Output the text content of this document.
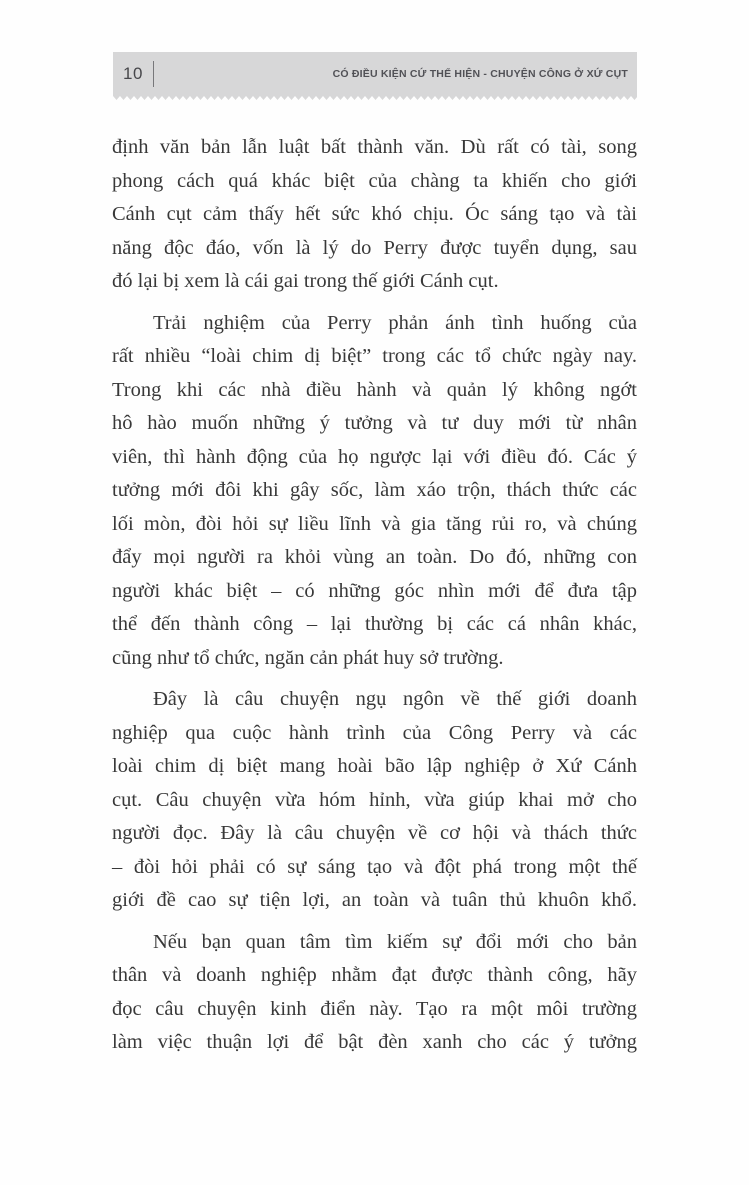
10	CÓ ĐIỀU KIỆN CỨ THỂ HIỆN - CHUYỆN CÔNG Ở XỨ CỤT
định văn bản lẫn luật bất thành văn. Dù rất có tài, song
phong cách quá khác biệt của chàng ta khiến cho giới
Cánh cụt cảm thấy hết sức khó chịu. Óc sáng tạo và tài
năng độc đáo, vốn là lý do Perry được tuyển dụng, sau
đó lại bị xem là cái gai trong thế giới Cánh cụt.
Trải nghiệm của Perry phản ánh tình huống của
rất nhiều “loài chim dị biệt” trong các tổ chức ngày nay.
Trong khi các nhà điều hành và quản lý không ngớt
hô hào muốn những ý tưởng và tư duy mới từ nhân
viên, thì hành động của họ ngược lại với điều đó. Các ý
tưởng mới đôi khi gây sốc, làm xáo trộn, thách thức các
lối mòn, đòi hỏi sự liều lĩnh và gia tăng rủi ro, và chúng
đẩy mọi người ra khỏi vùng an toàn. Do đó, những con
người khác biệt – có những góc nhìn mới để đưa tập
thể đến thành công – lại thường bị các cá nhân khác,
cũng như tổ chức, ngăn cản phát huy sở trường.
Đây là câu chuyện ngụ ngôn về thế giới doanh
nghiệp qua cuộc hành trình của Công Perry và các
loài chim dị biệt mang hoài bão lập nghiệp ở Xứ Cánh
cụt. Câu chuyện vừa hóm hỉnh, vừa giúp khai mở cho
người đọc. Đây là câu chuyện về cơ hội và thách thức
– đòi hỏi phải có sự sáng tạo và đột phá trong một thế
giới đề cao sự tiện lợi, an toàn và tuân thủ khuôn khổ.
Nếu bạn quan tâm tìm kiếm sự đổi mới cho bản
thân và doanh nghiệp nhằm đạt được thành công, hãy
đọc câu chuyện kinh điển này. Tạo ra một môi trường
làm việc thuận lợi để bật đèn xanh cho các ý tưởng
